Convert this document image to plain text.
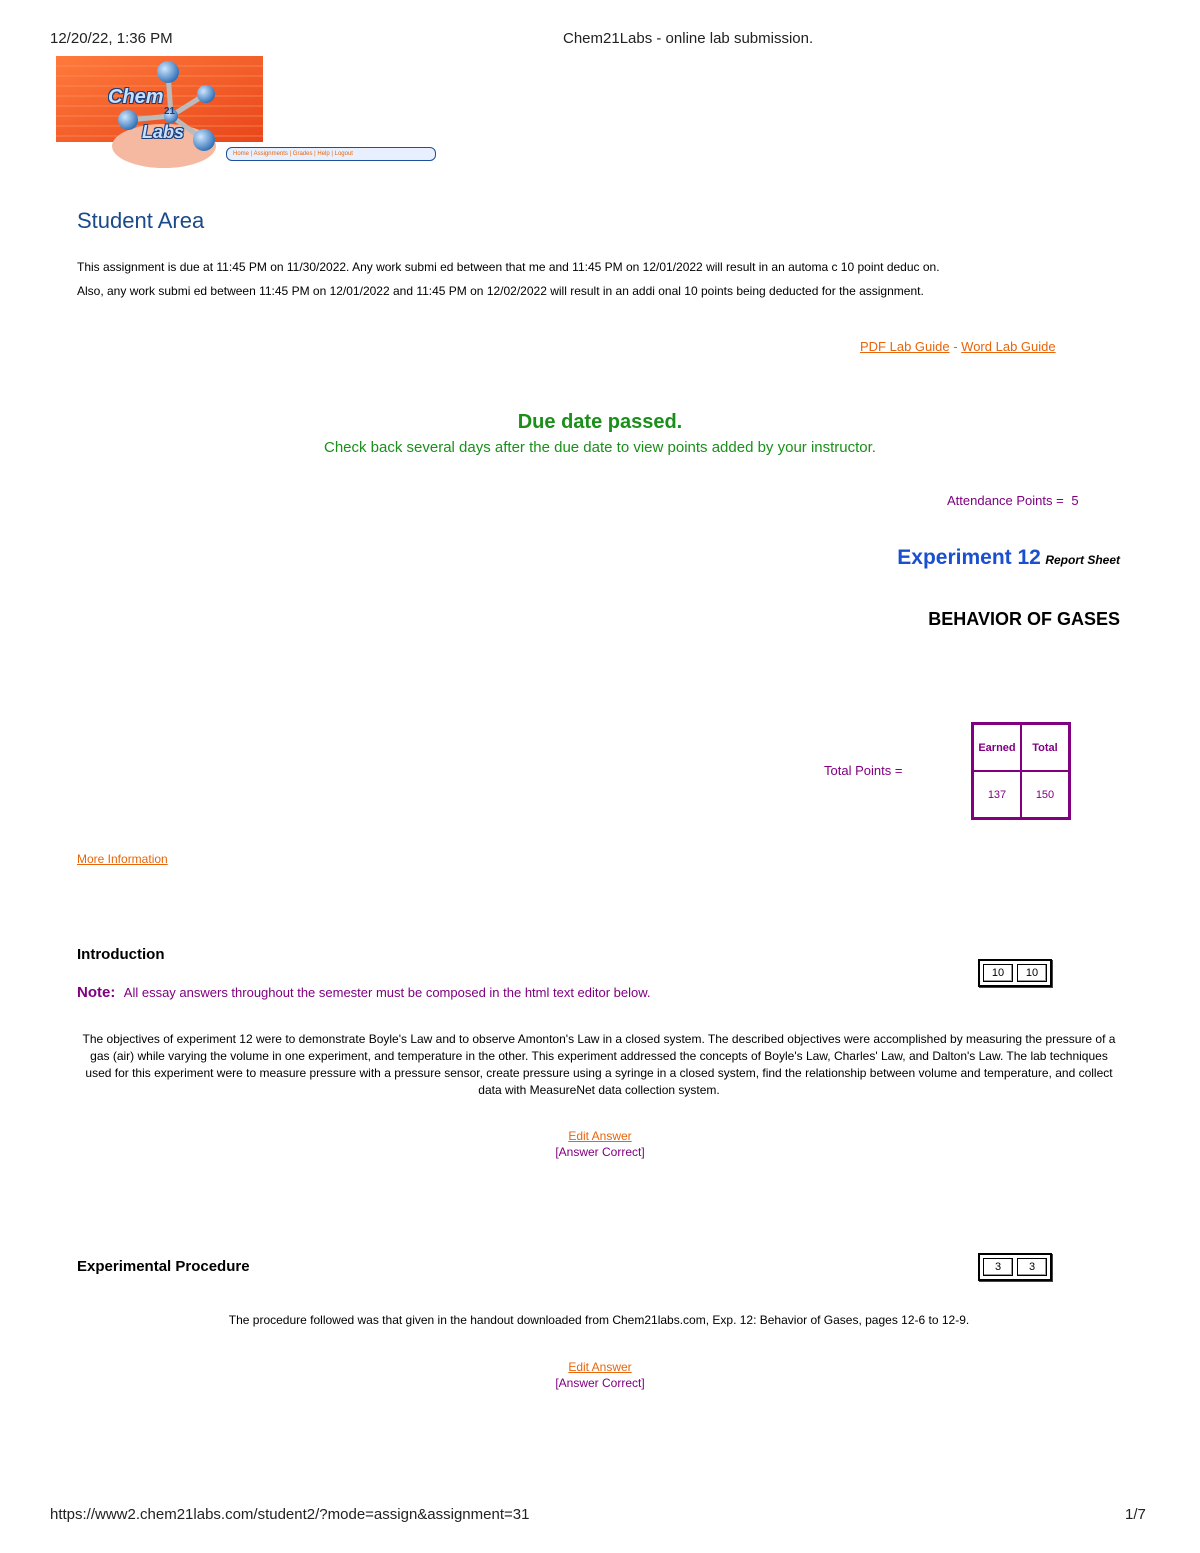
12/20/22, 1:36 PM	Chem21Labs - online lab submission.
Chem
21
Labs
Home | Assignments | Grades | Help | Logout
Student Area
This assignment is due at 11:45 PM on 11/30/2022. Any work submi ed between that me and 11:45 PM on 12/01/2022 will result in an automa c 10 point deduc on.
Also, any work submi ed between 11:45 PM on 12/01/2022 and 11:45 PM on 12/02/2022 will result in an addi onal 10 points being deducted for the assignment.
PDF Lab Guide - Word Lab Guide
Due date passed.
Check back several days after the due date to view points added by your instructor.
Attendance Points = 5
Experiment 12 Report Sheet
BEHAVIOR OF GASES
Total Points =
Earned	Total
137	150
More Information
Introduction
10	10
Note: All essay answers throughout the semester must be composed in the html text editor below.
The objectives of experiment 12 were to demonstrate Boyle's Law and to observe Amonton's Law in a closed system. The described objectives were accomplished by measuring the pressure of a gas (air) while varying the volume in one experiment, and temperature in the other. This experiment addressed the concepts of Boyle's Law, Charles' Law, and Dalton's Law. The lab techniques used for this experiment were to measure pressure with a pressure sensor, create pressure using a syringe in a closed system, find the relationship between volume and temperature, and collect data with MeasureNet data collection system.
Edit Answer
[Answer Correct]
Experimental Procedure	3	3
The procedure followed was that given in the handout downloaded from Chem21labs.com, Exp. 12: Behavior of Gases, pages 12-6 to 12-9.
Edit Answer
[Answer Correct]
https://www2.chem21labs.com/student2/?mode=assign&assignment=31	1/7
